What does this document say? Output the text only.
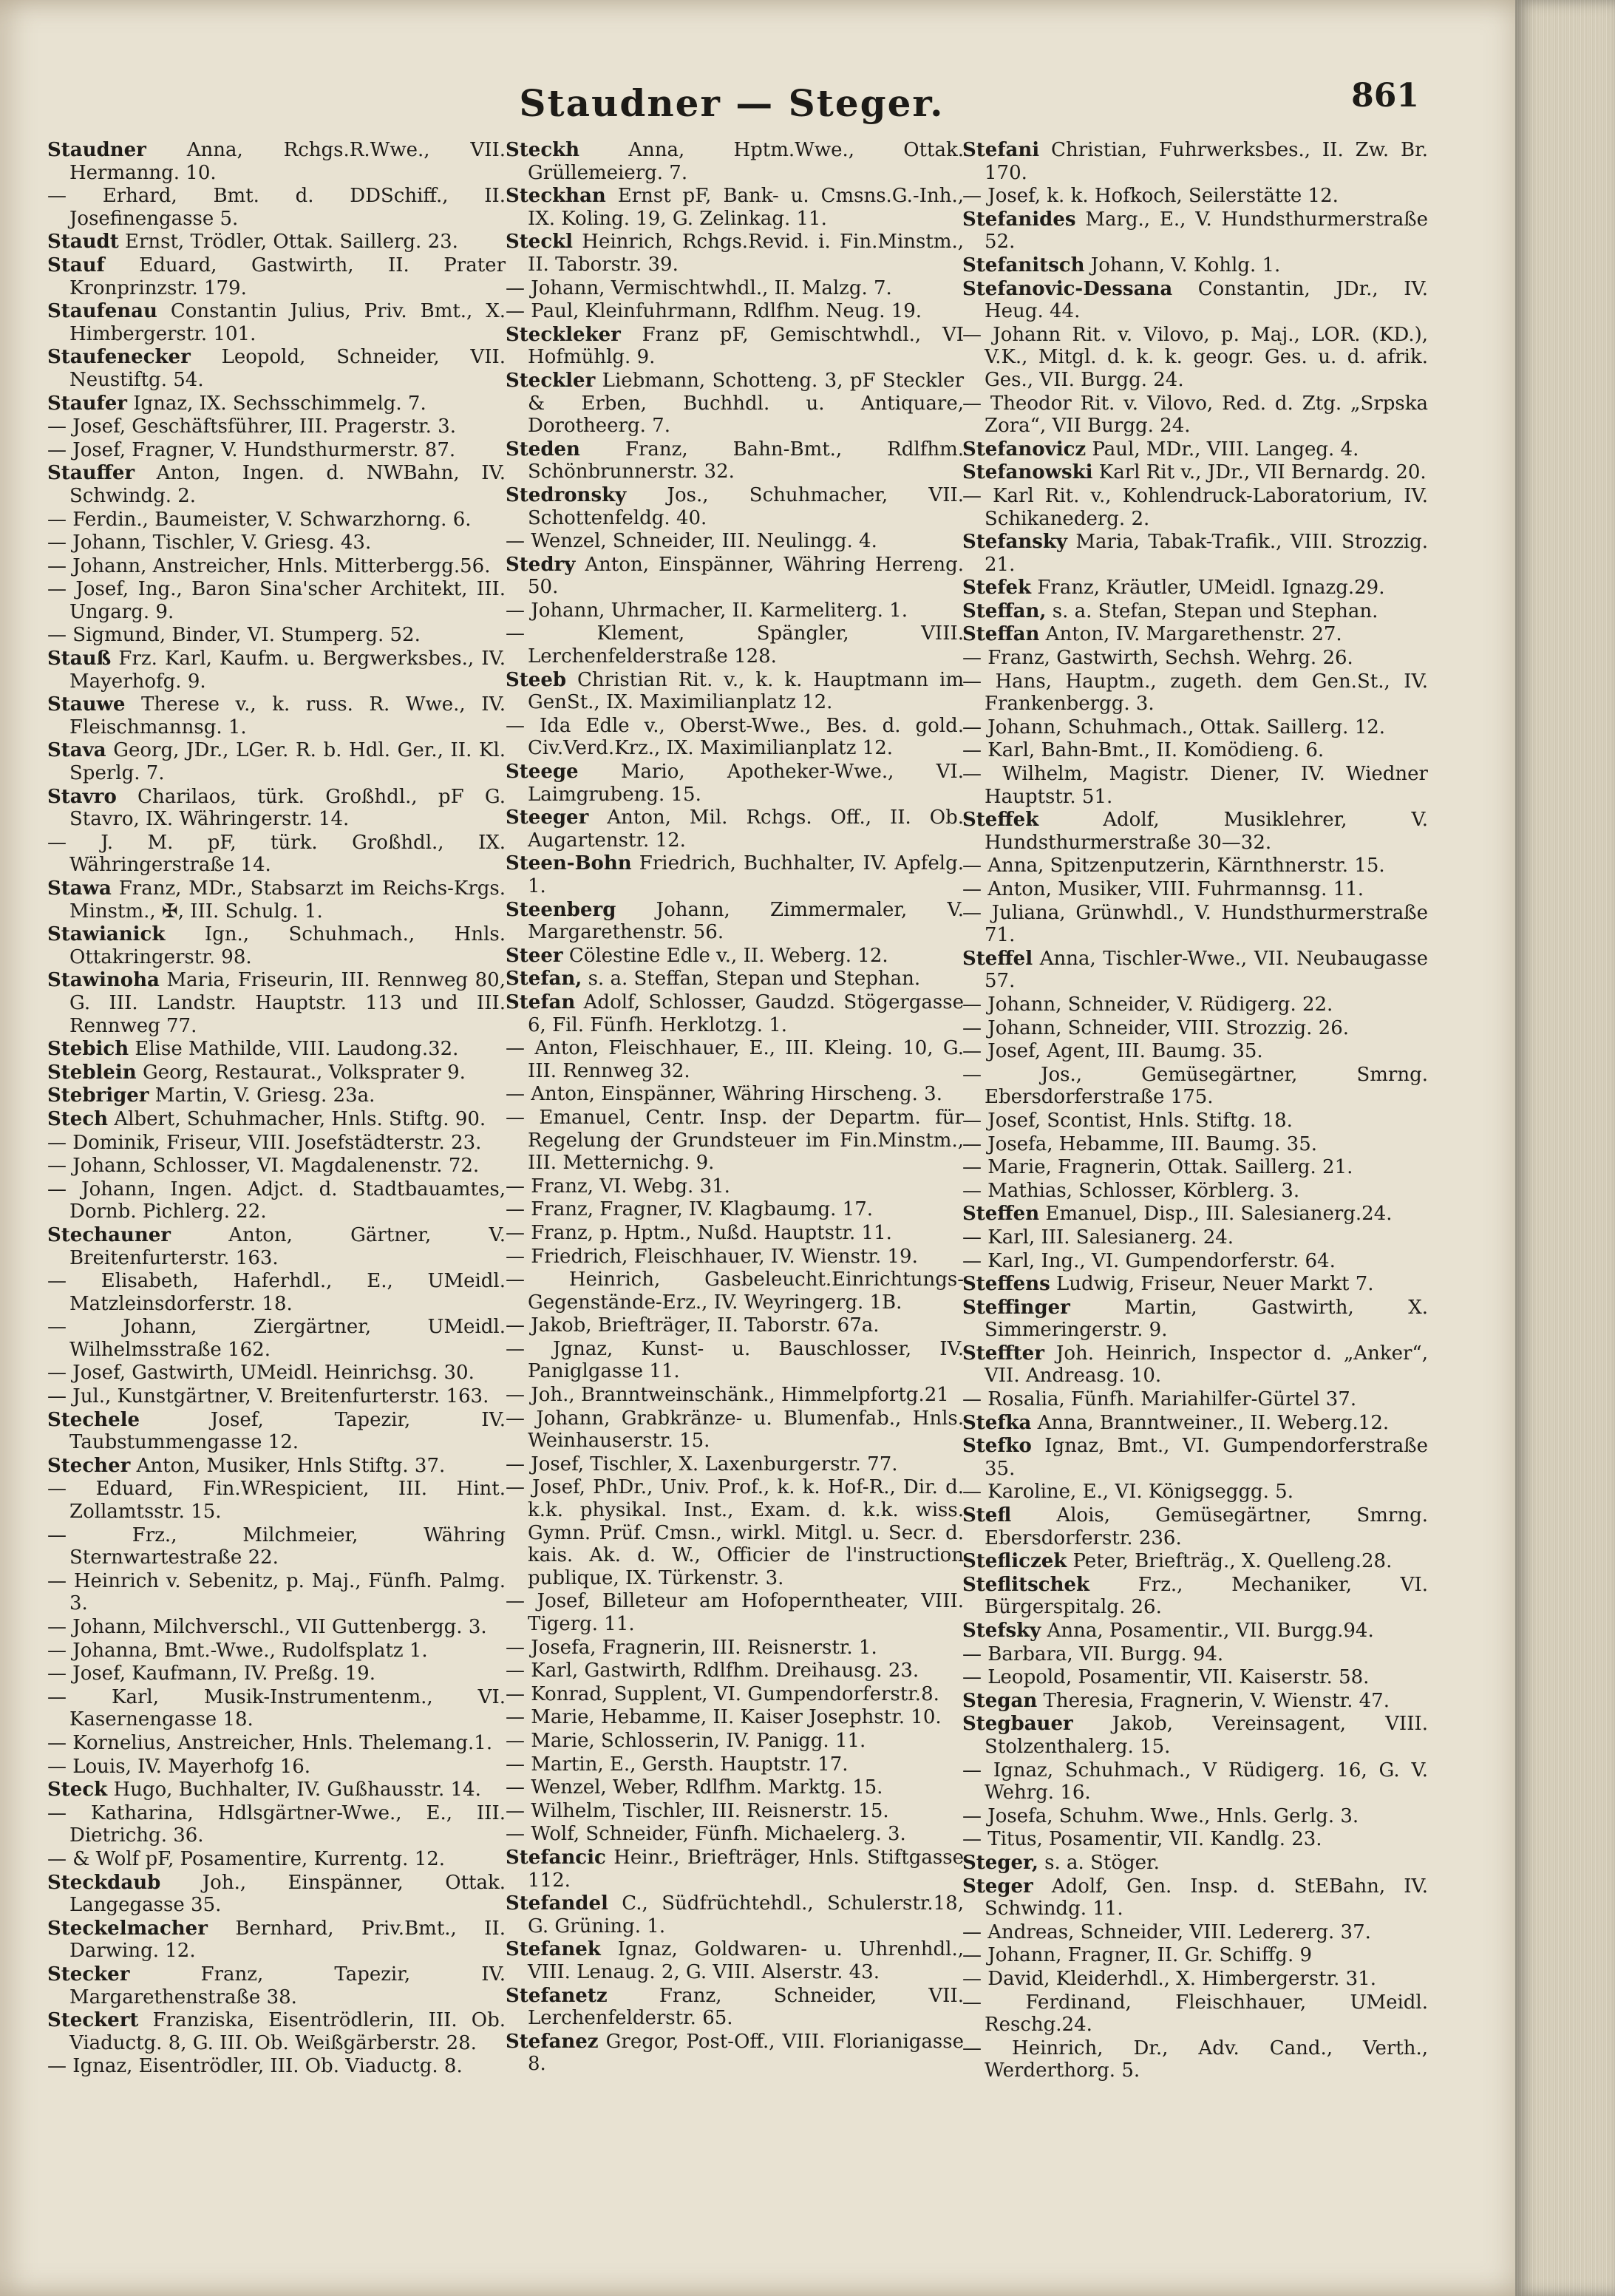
Staudner — Steger.	861
Staudner Anna, Rchgs.R.Wwe., VII. Hermanng. 10.
— Erhard, Bmt. d. DDSchiff., II. Josefinengasse 5.
Staudt Ernst, Trödler, Ottak. Saillerg. 23.
Stauf Eduard, Gastwirth, II. Prater Kronprinzstr. 179.
Staufenau Constantin Julius, Priv. Bmt., X. Himbergerstr. 101.
Staufenecker Leopold, Schneider, VII. Neustiftg. 54.
Staufer Ignaz, IX. Sechsschimmelg. 7.
— Josef, Geschäftsführer, III. Pragerstr. 3.
— Josef, Fragner, V. Hundsthurmerstr. 87.
Stauffer Anton, Ingen. d. NWBahn, IV. Schwindg. 2.
— Ferdin., Baumeister, V. Schwarzhorng. 6.
— Johann, Tischler, V. Griesg. 43.
— Johann, Anstreicher, Hnls. Mitterbergg.56.
— Josef, Ing., Baron Sina'scher Architekt, III. Ungarg. 9.
— Sigmund, Binder, VI. Stumperg. 52.
Stauß Frz. Karl, Kaufm. u. Bergwerksbes., IV. Mayerhofg. 9.
Stauwe Therese v., k. russ. R. Wwe., IV. Fleischmannsg. 1.
Stava Georg, JDr., LGer. R. b. Hdl. Ger., II. Kl. Sperlg. 7.
Stavro Charilaos, türk. Großhdl., pF G. Stavro, IX. Währingerstr. 14.
— J. M. pF, türk. Großhdl., IX. Währingerstraße 14.
Stawa Franz, MDr., Stabsarzt im Reichs-Krgs. Minstm., ✠, III. Schulg. 1.
Stawianick Ign., Schuhmach., Hnls. Ottakringerstr. 98.
Stawinoha Maria, Friseurin, III. Rennweg 80, G. III. Landstr. Hauptstr. 113 und III. Rennweg 77.
Stebich Elise Mathilde, VIII. Laudong.32.
Steblein Georg, Restaurat., Volksprater 9.
Stebriger Martin, V. Griesg. 23a.
Stech Albert, Schuhmacher, Hnls. Stiftg. 90.
— Dominik, Friseur, VIII. Josefstädterstr. 23.
— Johann, Schlosser, VI. Magdalenenstr. 72.
— Johann, Ingen. Adjct. d. Stadtbauamtes, Dornb. Pichlerg. 22.
Stechauner Anton, Gärtner, V. Breitenfurterstr. 163.
— Elisabeth, Haferhdl., E., UMeidl. Matzleinsdorferstr. 18.
— Johann, Ziergärtner, UMeidl. Wilhelmsstraße 162.
— Josef, Gastwirth, UMeidl. Heinrichsg. 30.
— Jul., Kunstgärtner, V. Breitenfurterstr. 163.
Stechele Josef, Tapezir, IV. Taubstummengasse 12.
Stecher Anton, Musiker, Hnls Stiftg. 37.
— Eduard, Fin.WRespicient, III. Hint. Zollamtsstr. 15.
— Frz., Milchmeier, Währing Sternwartestraße 22.
— Heinrich v. Sebenitz, p. Maj., Fünfh. Palmg. 3.
— Johann, Milchverschl., VII Guttenbergg. 3.
— Johanna, Bmt.-Wwe., Rudolfsplatz 1.
— Josef, Kaufmann, IV. Preßg. 19.
— Karl, Musik-Instrumentenm., VI. Kasernengasse 18.
— Kornelius, Anstreicher, Hnls. Thelemang.1.
— Louis, IV. Mayerhofg 16.
Steck Hugo, Buchhalter, IV. Gußhausstr. 14.
— Katharina, Hdlsgärtner-Wwe., E., III. Dietrichg. 36.
— & Wolf pF, Posamentire, Kurrentg. 12.
Steckdaub Joh., Einspänner, Ottak. Langegasse 35.
Steckelmacher Bernhard, Priv.Bmt., II. Darwing. 12.
Stecker Franz, Tapezir, IV. Margarethenstraße 38.
Steckert Franziska, Eisentrödlerin, III. Ob. Viaductg. 8, G. III. Ob. Weißgärberstr. 28.
— Ignaz, Eisentrödler, III. Ob. Viaductg. 8.
Steckh Anna, Hptm.Wwe., Ottak. Grüllemeierg. 7.
Steckhan Ernst pF, Bank- u. Cmsns.G.-Inh., IX. Koling. 19, G. Zelinkag. 11.
Steckl Heinrich, Rchgs.Revid. i. Fin.Minstm., II. Taborstr. 39.
— Johann, Vermischtwhdl., II. Malzg. 7.
— Paul, Kleinfuhrmann, Rdlfhm. Neug. 19.
Steckleker Franz pF, Gemischtwhdl., VI Hofmühlg. 9.
Steckler Liebmann, Schotteng. 3, pF Steckler & Erben, Buchhdl. u. Antiquare, Dorotheerg. 7.
Steden Franz, Bahn-Bmt., Rdlfhm. Schönbrunnerstr. 32.
Stedronsky Jos., Schuhmacher, VII. Schottenfeldg. 40.
— Wenzel, Schneider, III. Neulingg. 4.
Stedry Anton, Einspänner, Währing Herreng. 50.
— Johann, Uhrmacher, II. Karmeliterg. 1.
— Klement, Spängler, VIII. Lerchenfelderstraße 128.
Steeb Christian Rit. v., k. k. Hauptmann im GenSt., IX. Maximilianplatz 12.
— Ida Edle v., Oberst-Wwe., Bes. d. gold. Civ.Verd.Krz., IX. Maximilianplatz 12.
Steege Mario, Apotheker-Wwe., VI. Laimgrubeng. 15.
Steeger Anton, Mil. Rchgs. Off., II. Ob. Augartenstr. 12.
Steen-Bohn Friedrich, Buchhalter, IV. Apfelg. 1.
Steenberg Johann, Zimmermaler, V. Margarethenstr. 56.
Steer Cölestine Edle v., II. Weberg. 12.
Stefan, s. a. Steffan, Stepan und Stephan.
Stefan Adolf, Schlosser, Gaudzd. Stögergasse 6, Fil. Fünfh. Herklotzg. 1.
— Anton, Fleischhauer, E., III. Kleing. 10, G. III. Rennweg 32.
— Anton, Einspänner, Währing Hirscheng. 3.
— Emanuel, Centr. Insp. der Departm. für Regelung der Grundsteuer im Fin.Minstm., III. Metternichg. 9.
— Franz, VI. Webg. 31.
— Franz, Fragner, IV. Klagbaumg. 17.
— Franz, p. Hptm., Nußd. Hauptstr. 11.
— Friedrich, Fleischhauer, IV. Wienstr. 19.
— Heinrich, Gasbeleucht.Einrichtungs-Gegenstände-Erz., IV. Weyringerg. 1B.
— Jakob, Briefträger, II. Taborstr. 67a.
— Jgnaz, Kunst- u. Bauschlosser, IV. Paniglgasse 11.
— Joh., Branntweinschänk., Himmelpfortg.21
— Johann, Grabkränze- u. Blumenfab., Hnls. Weinhauserstr. 15.
— Josef, Tischler, X. Laxenburgerstr. 77.
— Josef, PhDr., Univ. Prof., k. k. Hof-R., Dir. d. k.k. physikal. Inst., Exam. d. k.k. wiss. Gymn. Prüf. Cmsn., wirkl. Mitgl. u. Secr. d. kais. Ak. d. W., Officier de l'instruction publique, IX. Türkenstr. 3.
— Josef, Billeteur am Hofoperntheater, VIII. Tigerg. 11.
— Josefa, Fragnerin, III. Reisnerstr. 1.
— Karl, Gastwirth, Rdlfhm. Dreihausg. 23.
— Konrad, Supplent, VI. Gumpendorferstr.8.
— Marie, Hebamme, II. Kaiser Josephstr. 10.
— Marie, Schlosserin, IV. Panigg. 11.
— Martin, E., Gersth. Hauptstr. 17.
— Wenzel, Weber, Rdlfhm. Marktg. 15.
— Wilhelm, Tischler, III. Reisnerstr. 15.
— Wolf, Schneider, Fünfh. Michaelerg. 3.
Stefancic Heinr., Briefträger, Hnls. Stiftgasse 112.
Stefandel C., Südfrüchtehdl., Schulerstr.18, G. Grüning. 1.
Stefanek Ignaz, Goldwaren- u. Uhrenhdl., VIII. Lenaug. 2, G. VIII. Alserstr. 43.
Stefanetz Franz, Schneider, VII. Lerchenfelderstr. 65.
Stefanez Gregor, Post-Off., VIII. Florianigasse 8.
Stefani Christian, Fuhrwerksbes., II. Zw. Br. 170.
— Josef, k. k. Hofkoch, Seilerstätte 12.
Stefanides Marg., E., V. Hundsthurmerstraße 52.
Stefanitsch Johann, V. Kohlg. 1.
Stefanovic-Dessana Constantin, JDr., IV. Heug. 44.
— Johann Rit. v. Vilovo, p. Maj., LOR. (KD.), V.K., Mitgl. d. k. k. geogr. Ges. u. d. afrik. Ges., VII. Burgg. 24.
— Theodor Rit. v. Vilovo, Red. d. Ztg. „Srpska Zora“, VII Burgg. 24.
Stefanovicz Paul, MDr., VIII. Langeg. 4.
Stefanowski Karl Rit v., JDr., VII Bernardg. 20.
— Karl Rit. v., Kohlendruck-Laboratorium, IV. Schikanederg. 2.
Stefansky Maria, Tabak-Trafik., VIII. Strozzig. 21.
Stefek Franz, Kräutler, UMeidl. Ignazg.29.
Steffan, s. a. Stefan, Stepan und Stephan.
Steffan Anton, IV. Margarethenstr. 27.
— Franz, Gastwirth, Sechsh. Wehrg. 26.
— Hans, Hauptm., zugeth. dem Gen.St., IV. Frankenbergg. 3.
— Johann, Schuhmach., Ottak. Saillerg. 12.
— Karl, Bahn-Bmt., II. Komödieng. 6.
— Wilhelm, Magistr. Diener, IV. Wiedner Hauptstr. 51.
Steffek Adolf, Musiklehrer, V. Hundsthurmerstraße 30—32.
— Anna, Spitzenputzerin, Kärnthnerstr. 15.
— Anton, Musiker, VIII. Fuhrmannsg. 11.
— Juliana, Grünwhdl., V. Hundsthurmerstraße 71.
Steffel Anna, Tischler-Wwe., VII. Neubaugasse 57.
— Johann, Schneider, V. Rüdigerg. 22.
— Johann, Schneider, VIII. Strozzig. 26.
— Josef, Agent, III. Baumg. 35.
— Jos., Gemüsegärtner, Smrng. Ebersdorferstraße 175.
— Josef, Scontist, Hnls. Stiftg. 18.
— Josefa, Hebamme, III. Baumg. 35.
— Marie, Fragnerin, Ottak. Saillerg. 21.
— Mathias, Schlosser, Körblerg. 3.
Steffen Emanuel, Disp., III. Salesianerg.24.
— Karl, III. Salesianerg. 24.
— Karl, Ing., VI. Gumpendorferstr. 64.
Steffens Ludwig, Friseur, Neuer Markt 7.
Steffinger Martin, Gastwirth, X. Simmeringerstr. 9.
Steffter Joh. Heinrich, Inspector d. „Anker“, VII. Andreasg. 10.
— Rosalia, Fünfh. Mariahilfer-Gürtel 37.
Stefka Anna, Branntweiner., II. Weberg.12.
Stefko Ignaz, Bmt., VI. Gumpendorferstraße 35.
— Karoline, E., VI. Königseggg. 5.
Stefl Alois, Gemüsegärtner, Smrng. Ebersdorferstr. 236.
Stefliczek Peter, Briefträg., X. Quelleng.28.
Steflitschek Frz., Mechaniker, VI. Bürgerspitalg. 26.
Stefsky Anna, Posamentir., VII. Burgg.94.
— Barbara, VII. Burgg. 94.
— Leopold, Posamentir, VII. Kaiserstr. 58.
Stegan Theresia, Fragnerin, V. Wienstr. 47.
Stegbauer Jakob, Vereinsagent, VIII. Stolzenthalerg. 15.
— Ignaz, Schuhmach., V Rüdigerg. 16, G. V. Wehrg. 16.
— Josefa, Schuhm. Wwe., Hnls. Gerlg. 3.
— Titus, Posamentir, VII. Kandlg. 23.
Steger, s. a. Stöger.
Steger Adolf, Gen. Insp. d. StEBahn, IV. Schwindg. 11.
— Andreas, Schneider, VIII. Ledererg. 37.
— Johann, Fragner, II. Gr. Schiffg. 9
— David, Kleiderhdl., X. Himbergerstr. 31.
— Ferdinand, Fleischhauer, UMeidl. Reschg.24.
— Heinrich, Dr., Adv. Cand., Verth., Werderthorg. 5.
